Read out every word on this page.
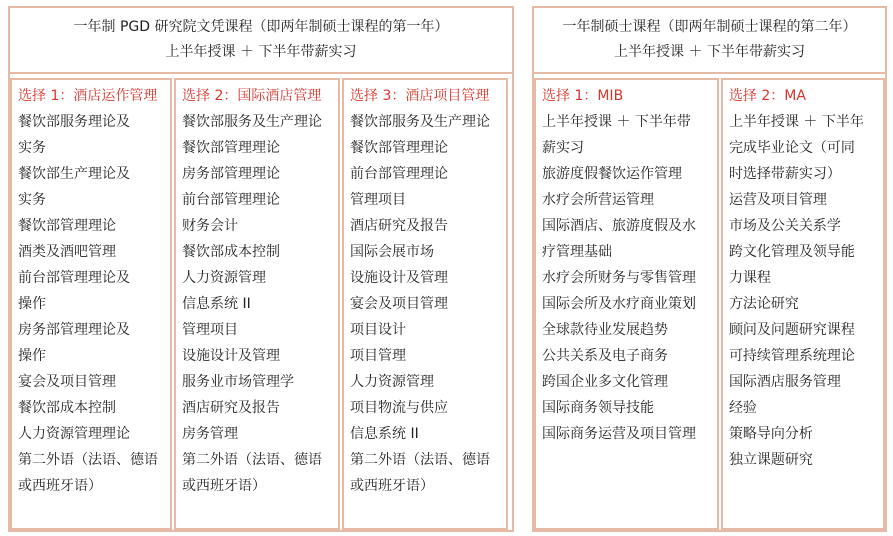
一年制 PGD 研究院文凭课程（即两年制硕士课程的第一年）
上半年授课 ＋ 下半年带薪实习
选择 1：酒店运作管理
餐饮部服务理论及
实务
餐饮部生产理论及
实务
餐饮部管理理论
酒类及酒吧管理
前台部管理理论及
操作
房务部管理理论及
操作
宴会及项目管理
餐饮部成本控制
人力资源管理理论
第二外语（法语、德语
或西班牙语）
选择 2：国际酒店管理
餐饮部服务及生产理论
餐饮部管理理论
房务部管理理论
前台部管理理论
财务会计
餐饮部成本控制
人力资源管理
信息系统 II
管理项目
设施设计及管理
服务业市场管理学
酒店研究及报告
房务管理
第二外语（法语、德语
或西班牙语）
选择 3：酒店项目管理
餐饮部服务及生产理论
餐饮部管理理论
前台部管理理论
管理项目
酒店研究及报告
国际会展市场
设施设计及管理
宴会及项目管理
项目设计
项目管理
人力资源管理
项目物流与供应
信息系统 II
第二外语（法语、德语
或西班牙语）
一年制硕士课程（即两年制硕士课程的第二年）
上半年授课 ＋ 下半年带薪实习
选择 1：MIB
上半年授课 ＋ 下半年带
薪实习
旅游度假餐饮运作管理
水疗会所营运管理
国际酒店、旅游度假及水
疗管理基础
水疗会所财务与零售管理
国际会所及水疗商业策划
全球款待业发展趋势
公共关系及电子商务
跨国企业多文化管理
国际商务领导技能
国际商务运营及项目管理
选择 2：MA
上半年授课 ＋ 下半年
完成毕业论文（可同
时选择带薪实习）
运营及项目管理
市场及公关关系学
跨文化管理及领导能
力课程
方法论研究
顾问及问题研究课程
可持续管理系统理论
国际酒店服务管理
经验
策略导向分析
独立课题研究
